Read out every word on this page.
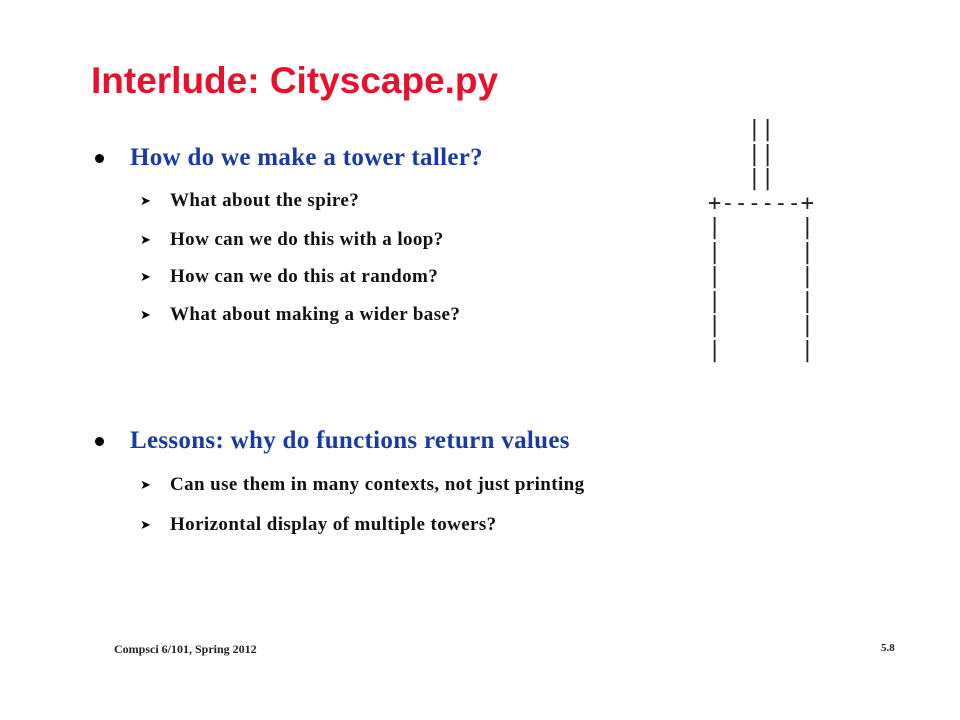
Interlude: Cityscape.py
How do we make a tower taller?
➤	What about the spire?
➤	How can we do this with a loop?
➤	How can we do this at random?
➤	What about making a wider base?
||
||
||
+------+
|      |
|      |
|      |
|      |
|      |
|      |
Lessons: why do functions return values
➤	Can use them in many contexts, not just printing
➤	Horizontal display of multiple towers?
Compsci 6/101, Spring 2012	5.8
